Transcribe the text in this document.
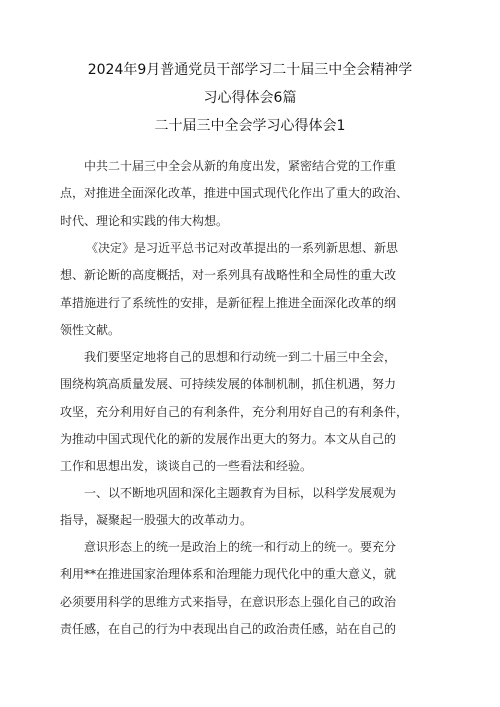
2024年9月普通党员干部学习二十届三中全会精神学
习心得体会6篇
二十届三中全会学习心得体会1
中共二十届三中全会从新的角度出发，紧密结合党的工作重
点，对推进全面深化改革，推进中国式现代化作出了重大的政治、
时代、理论和实践的伟大构想。
《决定》是习近平总书记对改革提出的一系列新思想、新思
想、新论断的高度概括，对一系列具有战略性和全局性的重大改
革措施进行了系统性的安排，是新征程上推进全面深化改革的纲
领性文献。
我们要坚定地将自己的思想和行动统一到二十届三中全会，
围绕构筑高质量发展、可持续发展的体制机制，抓住机遇，努力
攻坚，充分利用好自己的有利条件，充分利用好自己的有利条件，
为推动中国式现代化的新的发展作出更大的努力。本文从自己的
工作和思想出发，谈谈自己的一些看法和经验。
一、以不断地巩固和深化主题教育为目标，以科学发展观为
指导，凝聚起一股强大的改革动力。
意识形态上的统一是政治上的统一和行动上的统一。要充分
利用**在推进国家治理体系和治理能力现代化中的重大意义，就
必须要用科学的思维方式来指导，在意识形态上强化自己的政治
责任感，在自己的行为中表现出自己的政治责任感，站在自己的
